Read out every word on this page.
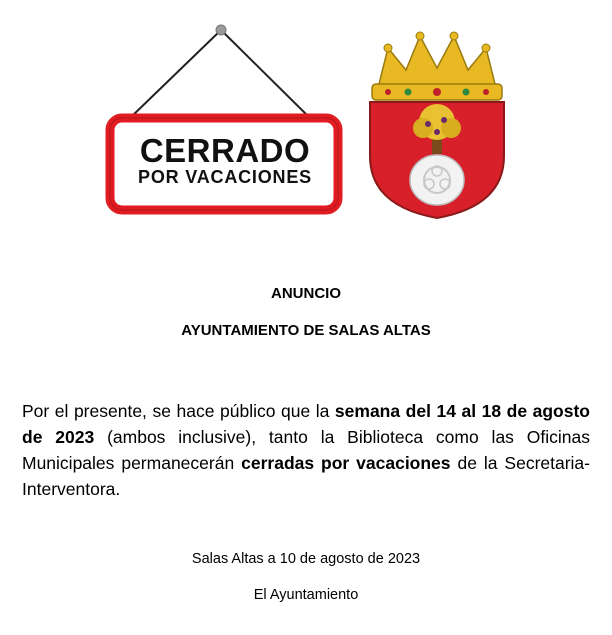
CERRADO
POR VACACIONES
ANUNCIO
AYUNTAMIENTO DE SALAS ALTAS
Por el presente, se hace público que la semana del 14 al 18 de agosto de 2023 (ambos inclusive), tanto la Biblioteca como las Oficinas Municipales permanecerán cerradas por vacaciones de la Secretaria-Interventora.
Salas Altas a 10 de agosto de 2023
El Ayuntamiento
